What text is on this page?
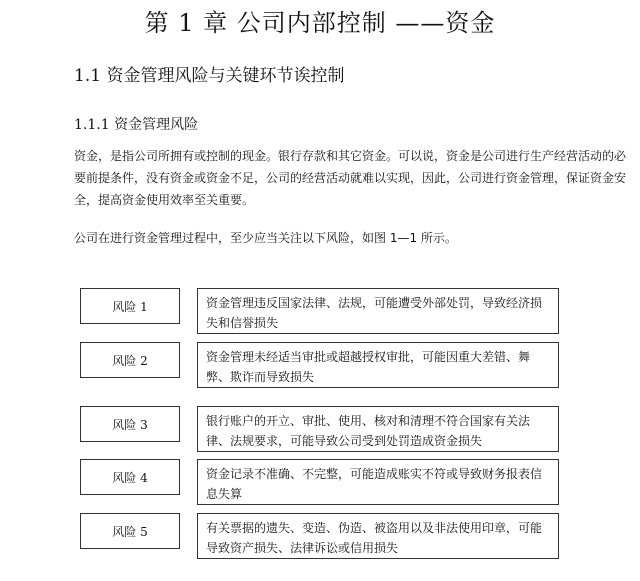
第 1 章 公司内部控制 ——资金
1.1 资金管理风险与关键环节诶控制
1.1.1 资金管理风险
资金，是指公司所拥有或控制的现金。银行存款和其它资金。可以说，资金是公司进行生产经营活动的必要前提条件，没有资金或资金不足，公司的经营活动就难以实现，因此，公司进行资金管理，保证资金安全，提高资金使用效率至关重要。
公司在进行资金管理过程中，至少应当关注以下风险，如图 1—1 所示。
风险 1	资金管理违反国家法律、法规，可能遭受外部处罚，导致经济损失和信誉损失
风险 2	资金管理未经适当审批或超越授权审批，可能因重大差错、舞弊、欺诈而导致损失
风险 3	银行账户的开立、审批、使用、核对和清理不符合国家有关法律、法规要求，可能导致公司受到处罚造成资金损失
风险 4	资金记录不准确、不完整，可能造成账实不符或导致财务报表信息失算
风险 5	有关票据的遗失、变造、伪造、被盗用以及非法使用印章，可能导致资产损失、法律诉讼或信用损失
